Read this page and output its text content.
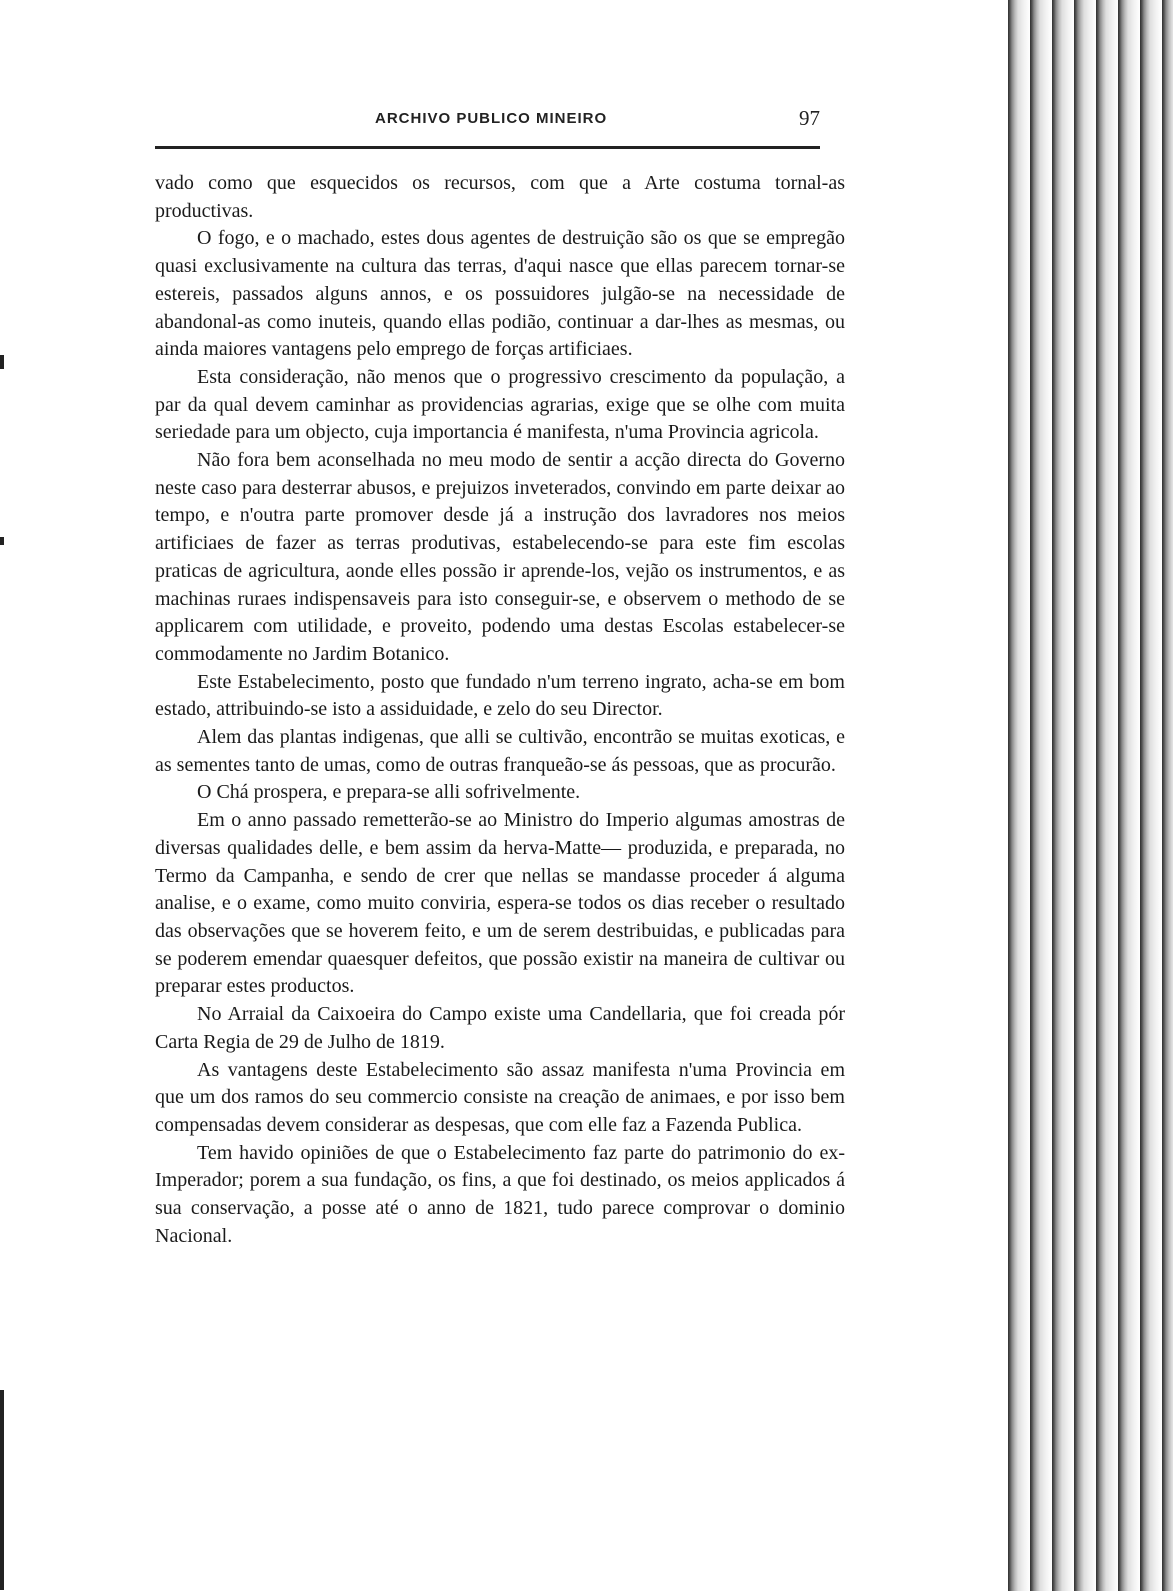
ARCHIVO PUBLICO MINEIRO	97

vado como que esquecidos os recursos, com que a Arte costuma tornal-as productivas.

O fogo, e o machado, estes dous agentes de destruição são os que se empregão quasi exclusivamente na cultura das terras, d'aqui nasce que ellas parecem tornar-se estereis, passados alguns annos, e os possuidores julgão-se na necessidade de abandonal-as como inuteis, quando ellas podião, continuar a dar-lhes as mesmas, ou ainda maiores vantagens pelo emprego de forças artificiaes.

Esta consideração, não menos que o progressivo crescimento da população, a par da qual devem caminhar as providencias agrarias, exige que se olhe com muita seriedade para um objecto, cuja importancia é manifesta, n'uma Provincia agricola.

Não fora bem aconselhada no meu modo de sentir a acção directa do Governo neste caso para desterrar abusos, e prejuizos inveterados, convindo em parte deixar ao tempo, e n'outra parte promover desde já a instrução dos lavradores nos meios artificiaes de fazer as terras produtivas, estabelecendo-se para este fim escolas praticas de agricultura, aonde elles possão ir aprende-los, vejão os instrumentos, e as machinas ruraes indispensaveis para isto conseguir-se, e observem o methodo de se applicarem com utilidade, e proveito, podendo uma destas Escolas estabelecer-se commodamente no Jardim Botanico.

Este Estabelecimento, posto que fundado n'um terreno ingrato, acha-se em bom estado, attribuindo-se isto a assiduidade, e zelo do seu Director.

Alem das plantas indigenas, que alli se cultivão, encontrão se muitas exoticas, e as sementes tanto de umas, como de outras franqueão-se ás pessoas, que as procurão.

O Chá prospera, e prepara-se alli sofrivelmente.

Em o anno passado remetterão-se ao Ministro do Imperio algumas amostras de diversas qualidades delle, e bem assim da herva-Matte— produzida, e preparada, no Termo da Campanha, e sendo de crer que nellas se mandasse proceder á alguma analise, e o exame, como muito conviria, espera-se todos os dias receber o resultado das observações que se hoverem feito, e um de serem destribuidas, e publicadas para se poderem emendar quaesquer defeitos, que possão existir na maneira de cultivar ou preparar estes productos.

No Arraial da Caixoeira do Campo existe uma Candellaria, que foi creada pór Carta Regia de 29 de Julho de 1819.

As vantagens deste Estabelecimento são assaz manifesta n'uma Provincia em que um dos ramos do seu commercio consiste na creação de animaes, e por isso bem compensadas devem considerar as despesas, que com elle faz a Fazenda Publica.

Tem havido opiniões de que o Estabelecimento faz parte do patrimonio do ex-Imperador; porem a sua fundação, os fins, a que foi destinado, os meios applicados á sua conservação, a posse até o anno de 1821, tudo parece comprovar o dominio Nacional.
